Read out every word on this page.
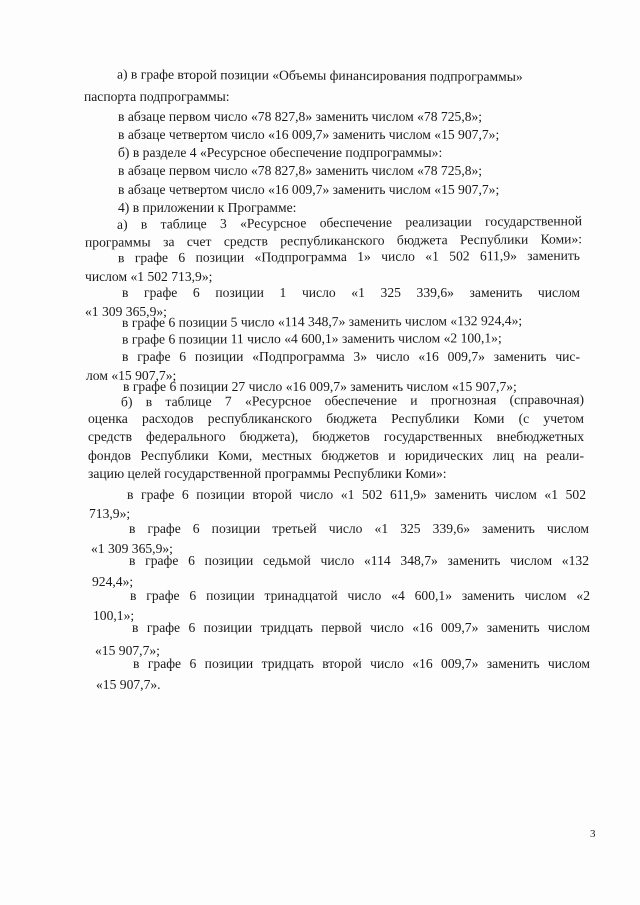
а) в графе второй позиции «Объемы финансирования подпрограммы»

паспорта подпрограммы:

в абзаце первом число «78 827,8» заменить числом «78 725,8»;

в абзаце четвертом число «16 009,7» заменить числом «15 907,7»;

б) в разделе 4 «Ресурсное обеспечение подпрограммы»:

в абзаце первом число «78 827,8» заменить числом «78 725,8»;

в абзаце четвертом число «16 009,7» заменить числом «15 907,7»;

4) в приложении к Программе:

а) в таблице 3 «Ресурсное обеспечение реализации государственной

программы за счет средств республиканского бюджета Республики Коми»:

в графе 6 позиции «Подпрограмма 1» число «1 502 611,9» заменить

числом «1 502 713,9»;

в графе 6 позиции 1 число «1 325 339,6» заменить числом

«1 309 365,9»;

в графе 6 позиции 5 число «114 348,7» заменить числом «132 924,4»;

в графе 6 позиции 11 число «4 600,1» заменить числом «2 100,1»;

в графе 6 позиции «Подпрограмма 3» число «16 009,7» заменить чис-

лом «15 907,7»;

в графе 6 позиции 27 число «16 009,7» заменить числом «15 907,7»;

б) в таблице 7 «Ресурсное обеспечение и прогнозная (справочная)

оценка расходов республиканского бюджета Республики Коми (с учетом

средств федерального бюджета), бюджетов государственных внебюджетных

фондов Республики Коми, местных бюджетов и юридических лиц на реали-

зацию целей государственной программы Республики Коми»:

в графе 6 позиции второй число «1 502 611,9» заменить числом «1 502

713,9»;

в графе 6 позиции третьей число «1 325 339,6» заменить числом

«1 309 365,9»;

в графе 6 позиции седьмой число «114 348,7» заменить числом «132

924,4»;

в графе 6 позиции тринадцатой число «4 600,1» заменить числом «2

100,1»;

в графе 6 позиции тридцать первой число «16 009,7» заменить числом

«15 907,7»;

в графе 6 позиции тридцать второй число «16 009,7» заменить числом

«15 907,7».

3
